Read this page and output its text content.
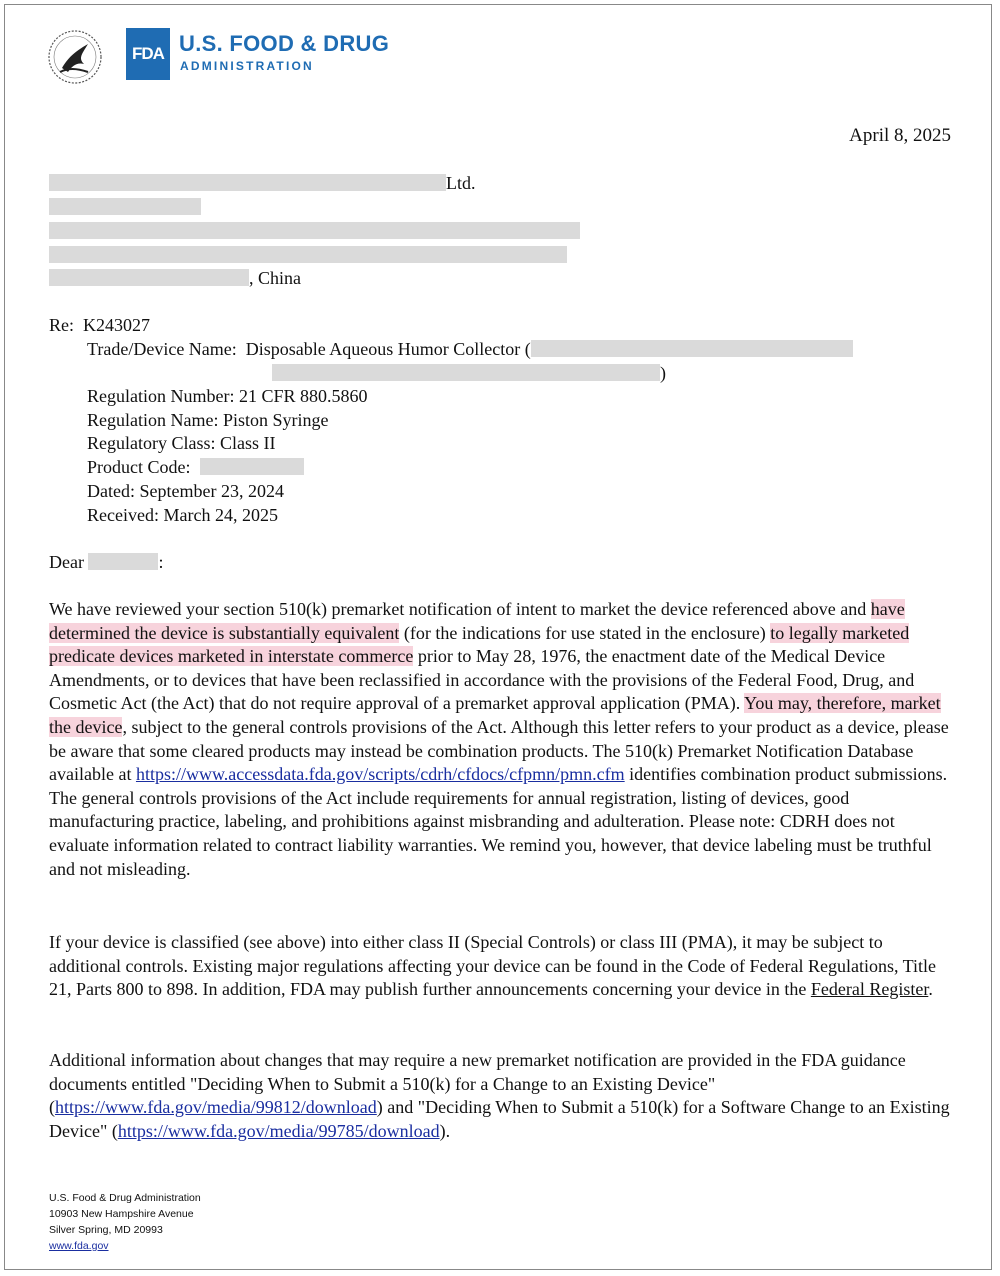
FDA U.S. FOOD & DRUG
ADMINISTRATION
April 8, 2025
Ltd.
, China
Re: K243027
Trade/Device Name: Disposable Aqueous Humor Collector (
)
Regulation Number: 21 CFR 880.5860
Regulation Name: Piston Syringe
Regulatory Class: Class II
Product Code:
Dated: September 23, 2024
Received: March 24, 2025
Dear	:
We have reviewed your section 510(k) premarket notification of intent to market the device referenced above and have determined the device is substantially equivalent (for the indications for use stated in the enclosure) to legally marketed predicate devices marketed in interstate commerce prior to May 28, 1976, the enactment date of the Medical Device Amendments, or to devices that have been reclassified in accordance with the provisions of the Federal Food, Drug, and Cosmetic Act (the Act) that do not require approval of a premarket approval application (PMA). You may, therefore, market the device, subject to the general controls provisions of the Act. Although this letter refers to your product as a device, please be aware that some cleared products may instead be combination products. The 510(k) Premarket Notification Database available at https://www.accessdata.fda.gov/scripts/cdrh/cfdocs/cfpmn/pmn.cfm identifies combination product submissions. The general controls provisions of the Act include requirements for annual registration, listing of devices, good manufacturing practice, labeling, and prohibitions against misbranding and adulteration. Please note: CDRH does not evaluate information related to contract liability warranties. We remind you, however, that device labeling must be truthful and not misleading.
If your device is classified (see above) into either class II (Special Controls) or class III (PMA), it may be subject to additional controls. Existing major regulations affecting your device can be found in the Code of Federal Regulations, Title 21, Parts 800 to 898. In addition, FDA may publish further announcements concerning your device in the Federal Register.
Additional information about changes that may require a new premarket notification are provided in the FDA guidance documents entitled "Deciding When to Submit a 510(k) for a Change to an Existing Device" (https://www.fda.gov/media/99812/download) and "Deciding When to Submit a 510(k) for a Software Change to an Existing Device" (https://www.fda.gov/media/99785/download).
U.S. Food & Drug Administration
10903 New Hampshire Avenue
Silver Spring, MD 20993
www.fda.gov
